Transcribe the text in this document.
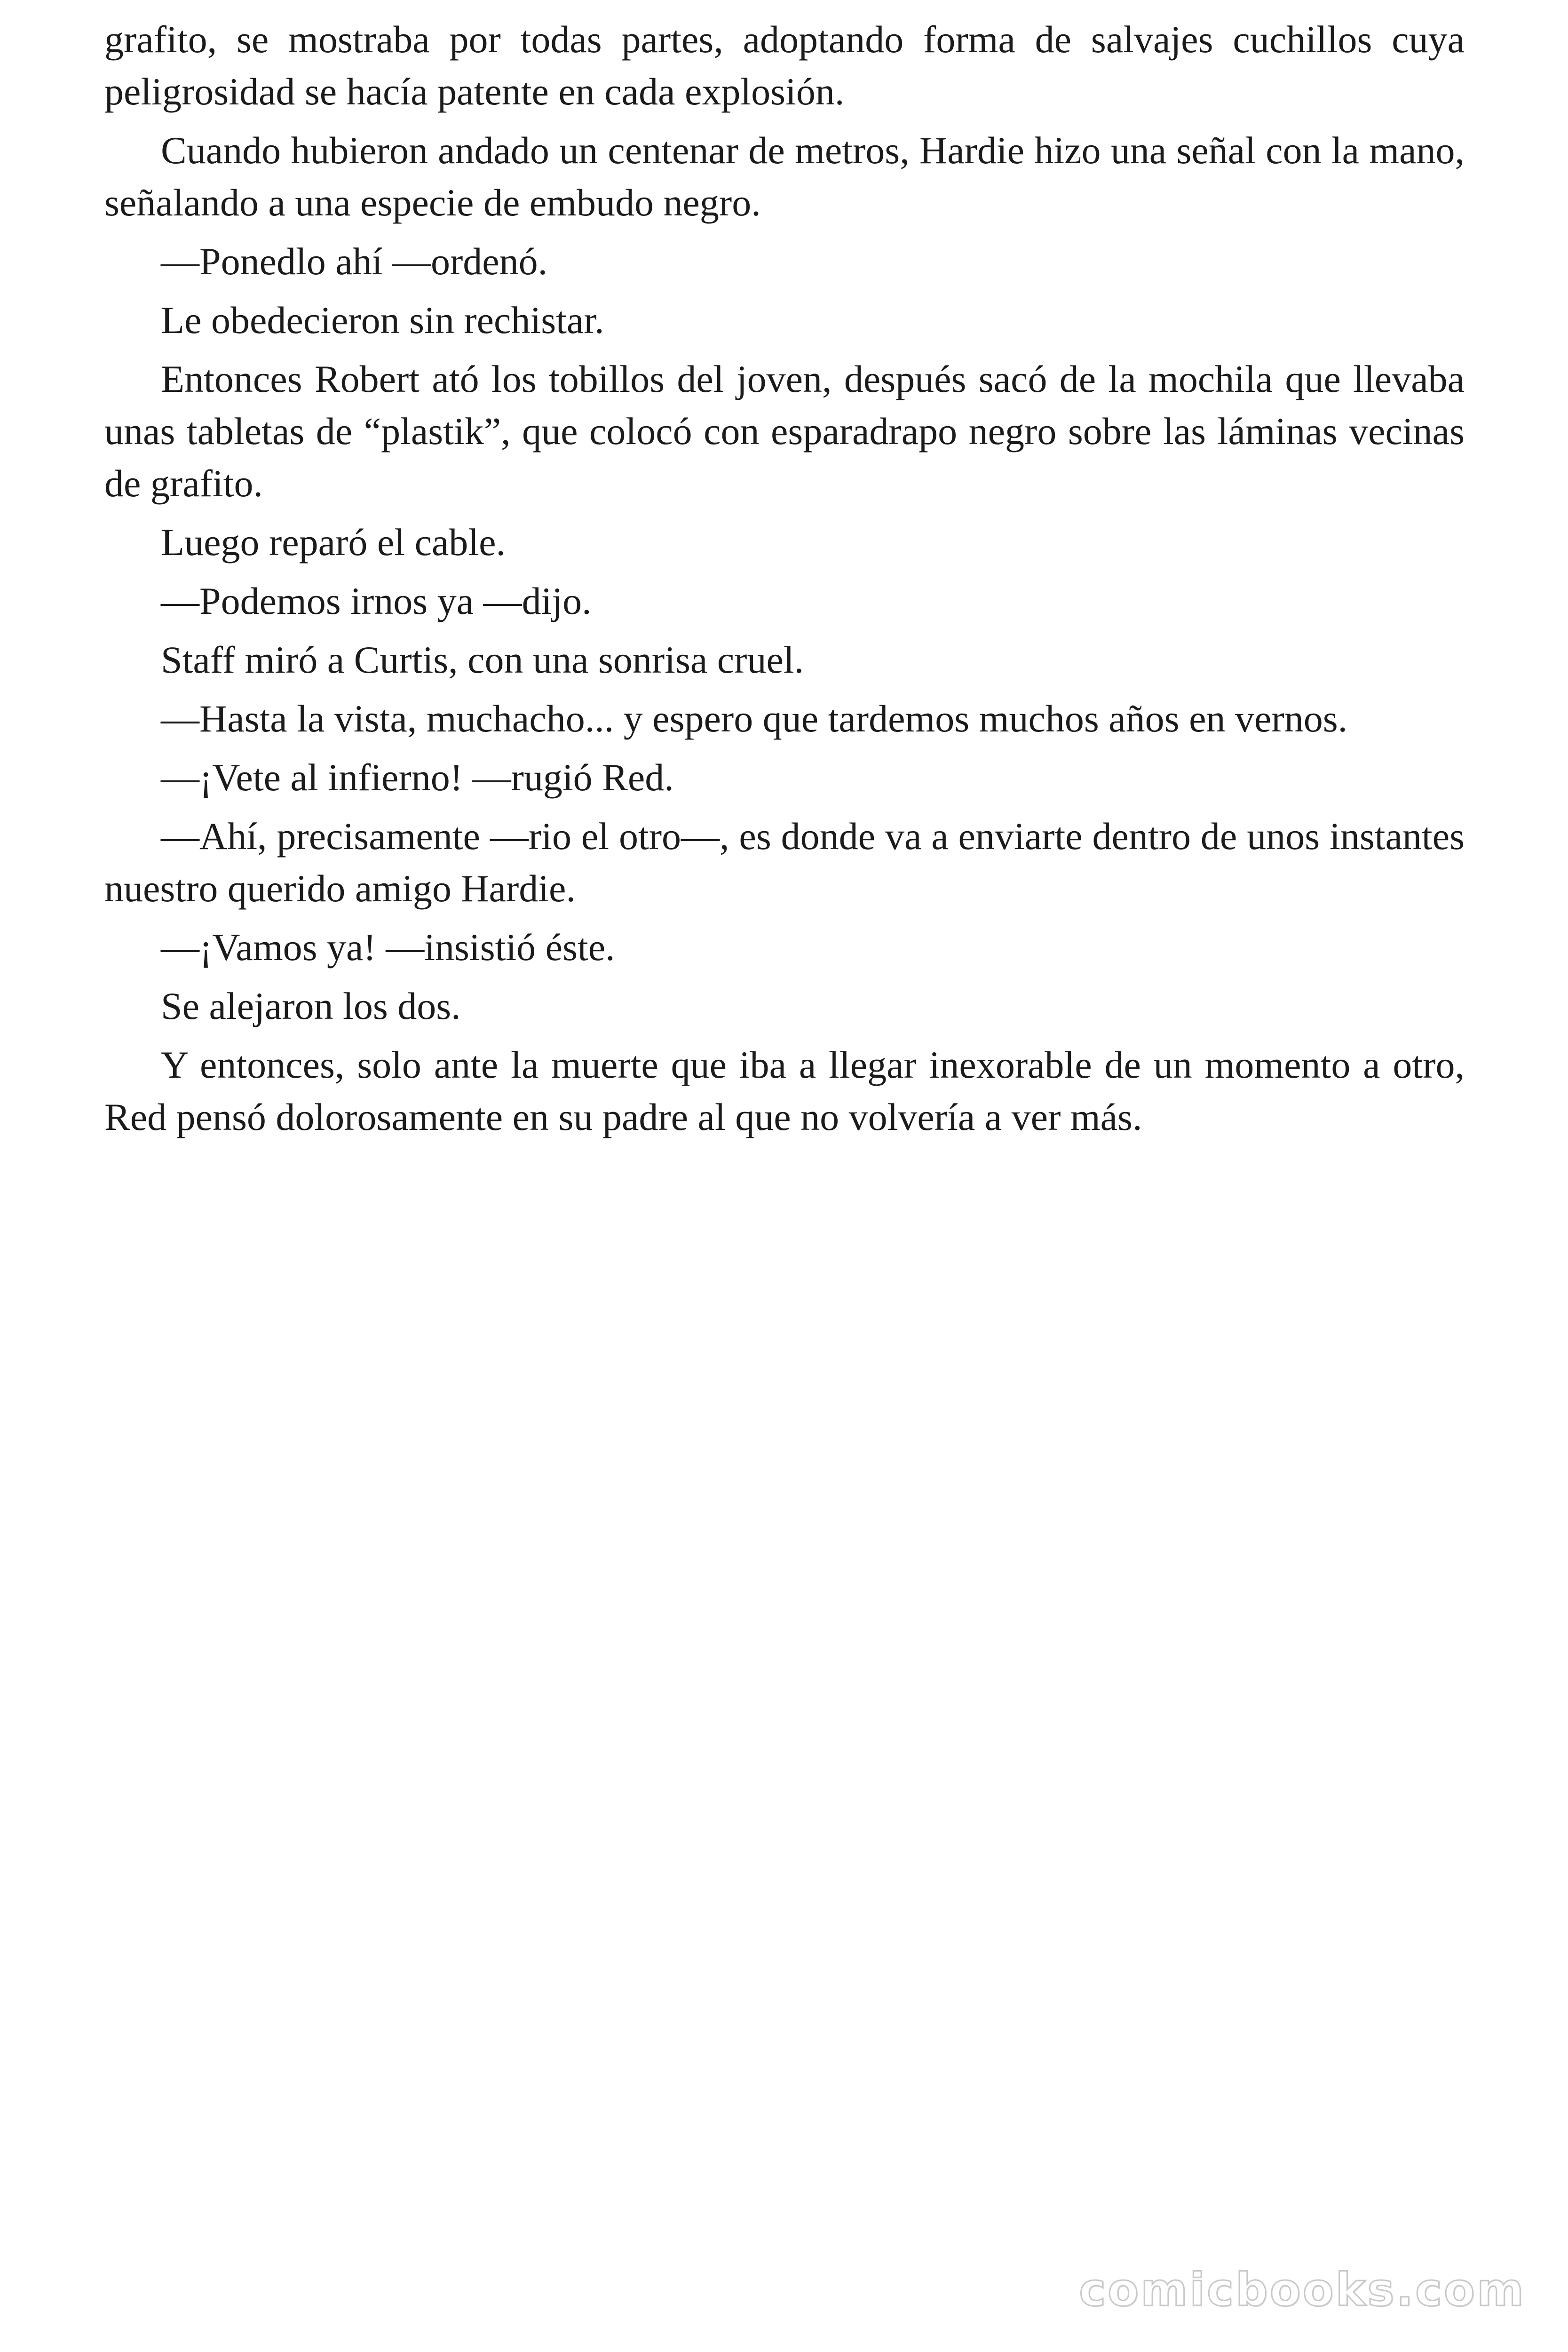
grafito, se mostraba por todas partes, adoptando forma de salvajes cuchillos cuya peligrosidad se hacía patente en cada explosión.

Cuando hubieron andado un centenar de metros, Hardie hizo una señal con la mano, señalando a una especie de embudo negro.

—Ponedlo ahí —ordenó.

Le obedecieron sin rechistar.

Entonces Robert ató los tobillos del joven, después sacó de la mochila que llevaba unas tabletas de “plastik”, que colocó con esparadrapo negro sobre las láminas vecinas de grafito.

Luego reparó el cable.

—Podemos irnos ya —dijo.

Staff miró a Curtis, con una sonrisa cruel.

—Hasta la vista, muchacho... y espero que tardemos muchos años en vernos.

—¡Vete al infierno! —rugió Red.

—Ahí, precisamente —rio el otro—, es donde va a enviarte dentro de unos instantes nuestro querido amigo Hardie.

—¡Vamos ya! —insistió éste.

Se alejaron los dos.

Y entonces, solo ante la muerte que iba a llegar inexorable de un momento a otro, Red pensó dolorosamente en su padre al que no volvería a ver más.

comicbooks.com
